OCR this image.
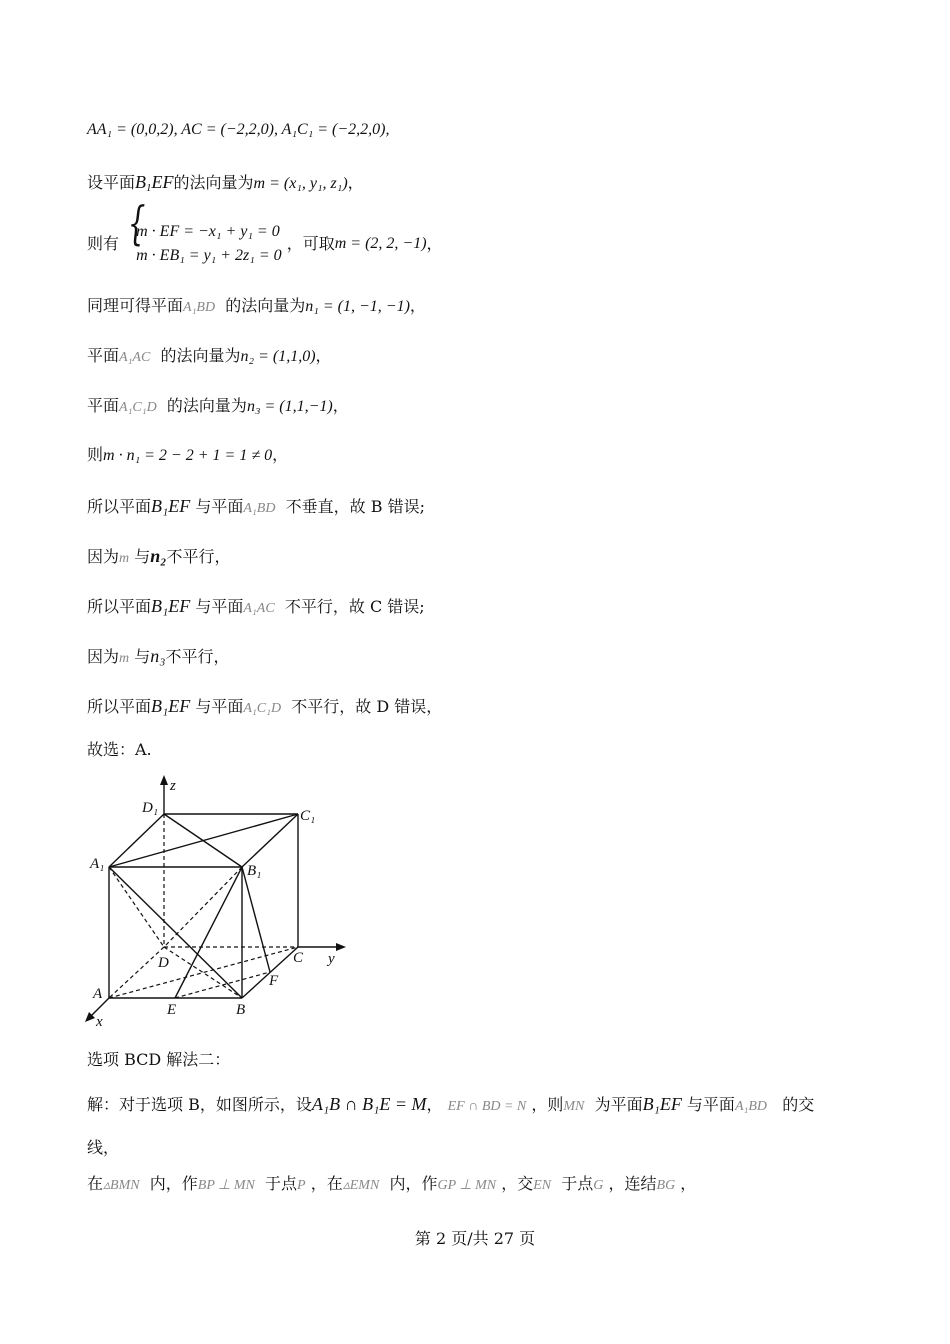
AA₁ = (0,0,2), AC = (−2,2,0), A₁C₁ = (−2,2,0),
设平面$B_1EF$的法向量为m = (x₁, y₁, z₁)，
则有
{ m · EF = −x₁ + y₁ = 0
m · EB₁ = y₁ + 2z₁ = 0
，可取m = (2, 2, −1)，
同理可得平面A₁BD 的法向量为n₁ = (1, −1, −1)，
平面A₁AC 的法向量为n₂ = (1,1,0)，
平面A₁C₁D 的法向量为n₃ = (1,1,−1)，
则m · n₁ = 2 − 2 + 1 = 1 ≠ 0，
所以平面B₁EF 与平面A₁BD 不垂直，故 B 错误;
因为m 与n₂不平行，
所以平面B₁EF 与平面A₁AC 不平行，故 C 错误;
因为m 与n₃不平行，
所以平面B₁EF 与平面A₁C₁D 不平行，故 D 错误，
故选：A.
z
D₁	C₁
A₁	B₁
D	C y
A
F
E	B
x
选项 BCD 解法二：
解：对于选项 B，如图所示，设A₁B ∩ B₁E = M， EF ∩ BD = N ，则MN 为平面B₁EF 与平面A₁BD 的交
线，
在▵BMN 内，作BP ⊥ MN 于点P ，在▵EMN 内，作GP ⊥ MN ，交EN 于点G ，连结BG ，
第 2 页/共 27 页
